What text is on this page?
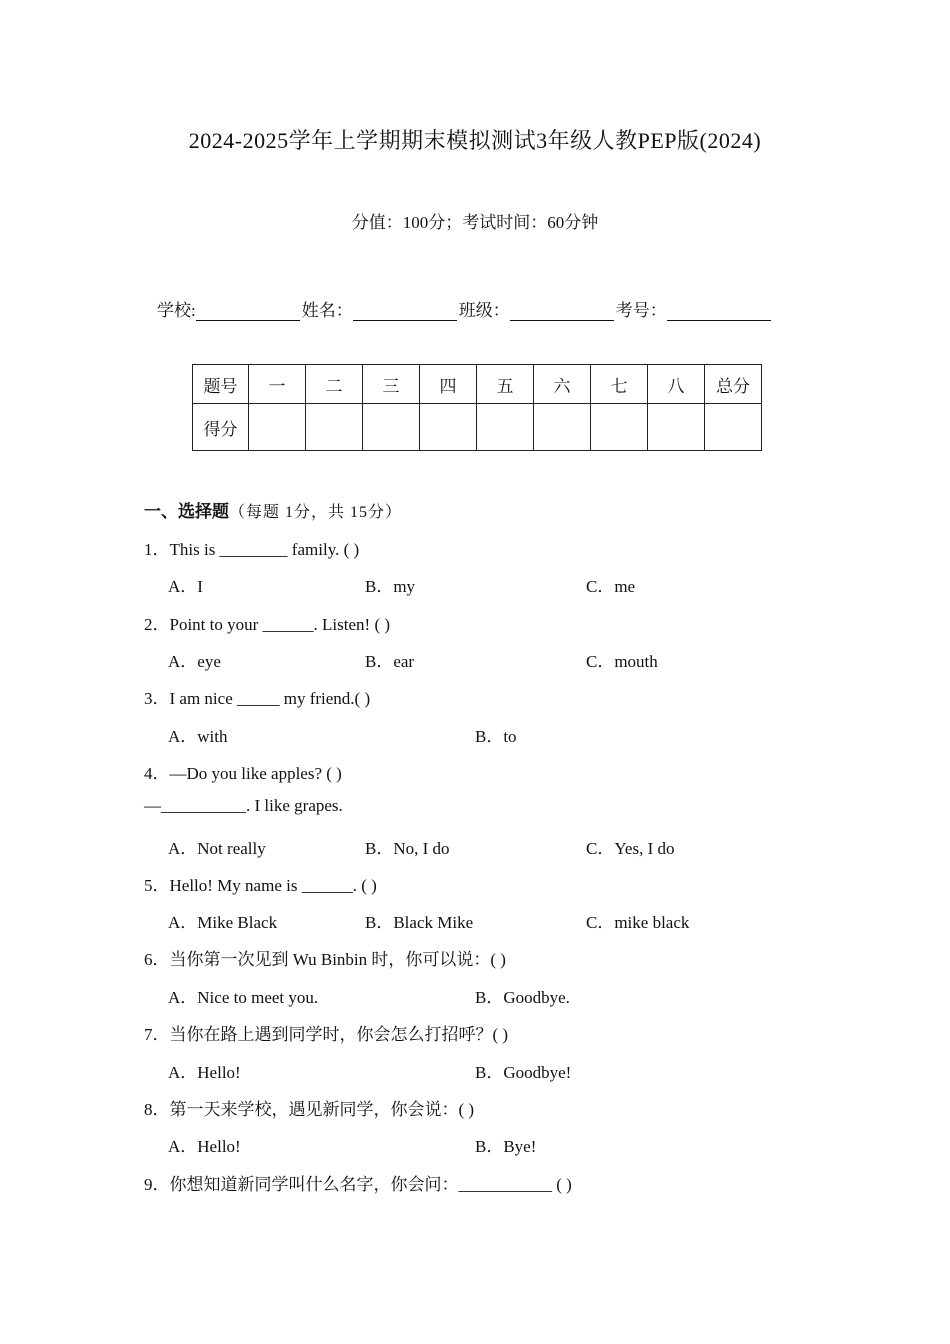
2024-2025学年上学期期末模拟测试3年级人教PEP版(2024)
分值：100分；考试时间：60分钟
学校:	姓名：	班级：	考号：
题号	一	二	三	四	五	六	七	八	总分
得分									
一、选择题（每题 1分，共 15分）
1．This is ________ family. ( )
A．I	B．my	C．me
2．Point to your ______. Listen! ( )
A．eye	B．ear	C．mouth
3．I am nice _____ my friend.( )
A．with	B．to
4．—Do you like apples? ( )
—__________. I like grapes.
A．Not really	B．No, I do	C．Yes, I do
5．Hello! My name is ______. ( )
A．Mike Black	B．Black Mike	C．mike black
6．当你第一次见到 Wu Binbin 时，你可以说：( )
A．Nice to meet you.	B．Goodbye.
7．当你在路上遇到同学时，你会怎么打招呼？( )
A．Hello!	B．Goodbye!
8．第一天来学校，遇见新同学，你会说：( )
A．Hello!	B．Bye!
9．你想知道新同学叫什么名字，你会问：___________ ( )
